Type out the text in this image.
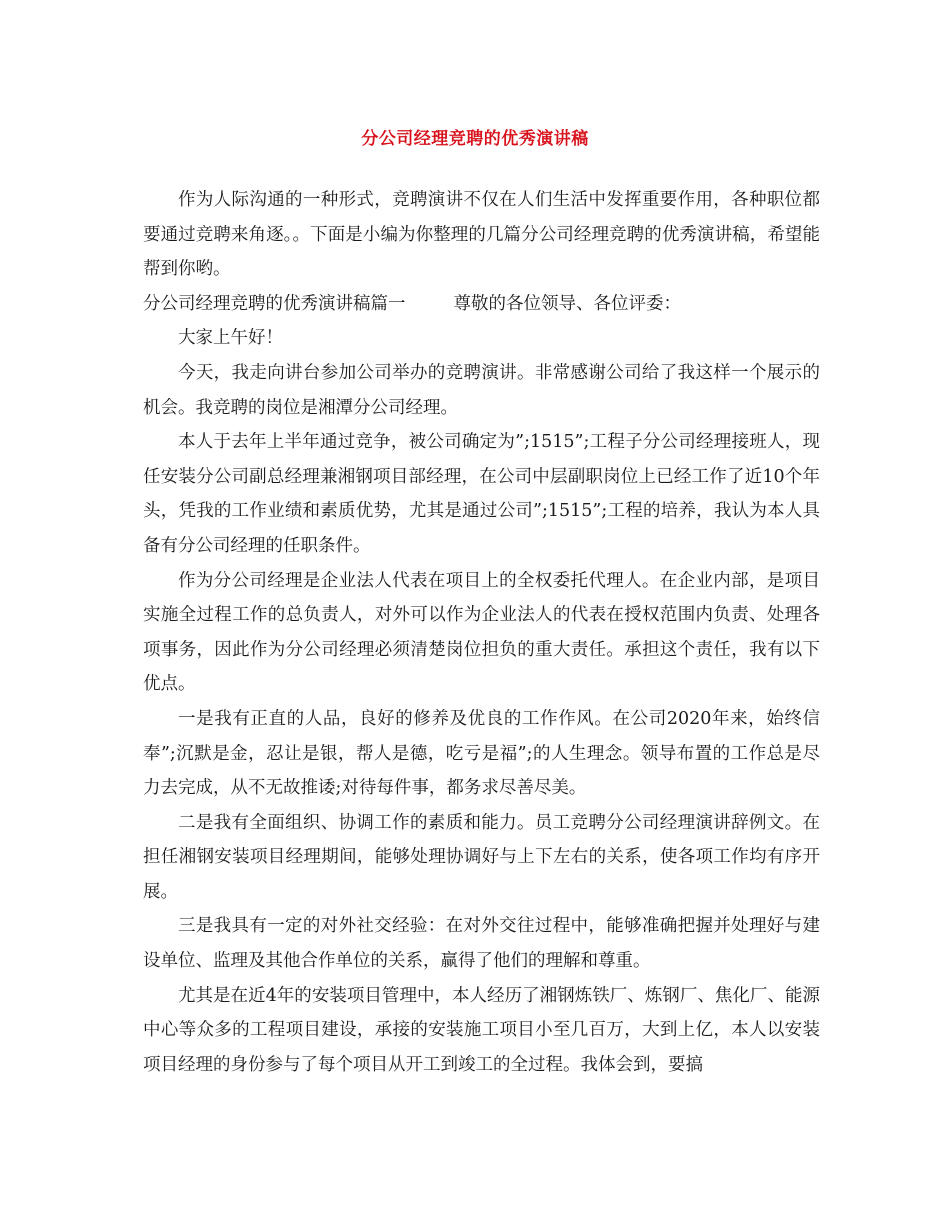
分公司经理竞聘的优秀演讲稿

作为人际沟通的一种形式，竞聘演讲不仅在人们生活中发挥重要作用，各种职位都要通过竞聘来角逐。。下面是小编为你整理的几篇分公司经理竞聘的优秀演讲稿，希望能帮到你哟。

分公司经理竞聘的优秀演讲稿篇一	尊敬的各位领导、各位评委：

大家上午好！

今天，我走向讲台参加公司举办的竞聘演讲。非常感谢公司给了我这样一个展示的机会。我竞聘的岗位是湘潭分公司经理。

本人于去年上半年通过竞争，被公司确定为”;1515”;工程子分公司经理接班人，现任安装分公司副总经理兼湘钢项目部经理，在公司中层副职岗位上已经工作了近10个年头，凭我的工作业绩和素质优势，尤其是通过公司”;1515”;工程的培养，我认为本人具备有分公司经理的任职条件。

作为分公司经理是企业法人代表在项目上的全权委托代理人。在企业内部，是项目实施全过程工作的总负责人，对外可以作为企业法人的代表在授权范围内负责、处理各项事务，因此作为分公司经理必须清楚岗位担负的重大责任。承担这个责任，我有以下优点。

一是我有正直的人品，良好的修养及优良的工作作风。在公司2020年来，始终信奉”;沉默是金，忍让是银，帮人是德，吃亏是福”;的人生理念。领导布置的工作总是尽力去完成，从不无故推诿;对待每件事，都务求尽善尽美。

二是我有全面组织、协调工作的素质和能力。员工竞聘分公司经理演讲辞例文。在担任湘钢安装项目经理期间，能够处理协调好与上下左右的关系，使各项工作均有序开展。

三是我具有一定的对外社交经验：在对外交往过程中，能够准确把握并处理好与建设单位、监理及其他合作单位的关系，赢得了他们的理解和尊重。

尤其是在近4年的安装项目管理中，本人经历了湘钢炼铁厂、炼钢厂、焦化厂、能源中心等众多的工程项目建设，承接的安装施工项目小至几百万，大到上亿，本人以安装项目经理的身份参与了每个项目从开工到竣工的全过程。我体会到，要搞
